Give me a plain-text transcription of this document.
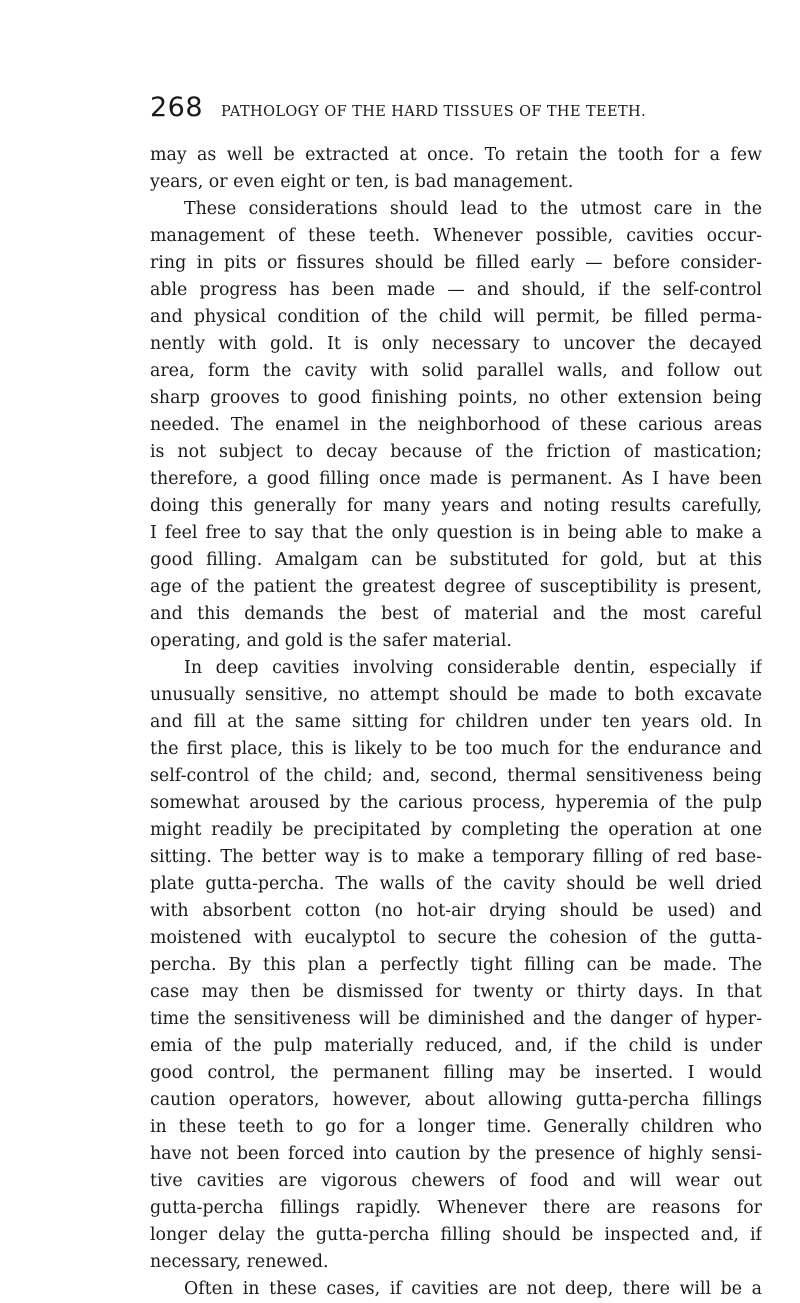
268 PATHOLOGY OF THE HARD TISSUES OF THE TEETH.
may as well be extracted at once. To retain the tooth for a few
years, or even eight or ten, is bad management.
These considerations should lead to the utmost care in the
management of these teeth. Whenever possible, cavities occur-
ring in pits or fissures should be filled early — before consider-
able progress has been made — and should, if the self-control
and physical condition of the child will permit, be filled perma-
nently with gold. It is only necessary to uncover the decayed
area, form the cavity with solid parallel walls, and follow out
sharp grooves to good finishing points, no other extension being
needed. The enamel in the neighborhood of these carious areas
is not subject to decay because of the friction of mastication;
therefore, a good filling once made is permanent. As I have been
doing this generally for many years and noting results carefully,
I feel free to say that the only question is in being able to make a
good filling. Amalgam can be substituted for gold, but at this
age of the patient the greatest degree of susceptibility is present,
and this demands the best of material and the most careful
operating, and gold is the safer material.
In deep cavities involving considerable dentin, especially if
unusually sensitive, no attempt should be made to both excavate
and fill at the same sitting for children under ten years old. In
the first place, this is likely to be too much for the endurance and
self-control of the child; and, second, thermal sensitiveness being
somewhat aroused by the carious process, hyperemia of the pulp
might readily be precipitated by completing the operation at one
sitting. The better way is to make a temporary filling of red base-
plate gutta-percha. The walls of the cavity should be well dried
with absorbent cotton (no hot-air drying should be used) and
moistened with eucalyptol to secure the cohesion of the gutta-
percha. By this plan a perfectly tight filling can be made. The
case may then be dismissed for twenty or thirty days. In that
time the sensitiveness will be diminished and the danger of hyper-
emia of the pulp materially reduced, and, if the child is under
good control, the permanent filling may be inserted. I would
caution operators, however, about allowing gutta-percha fillings
in these teeth to go for a longer time. Generally children who
have not been forced into caution by the presence of highly sensi-
tive cavities are vigorous chewers of food and will wear out
gutta-percha fillings rapidly. Whenever there are reasons for
longer delay the gutta-percha filling should be inspected and, if
necessary, renewed.
Often in these cases, if cavities are not deep, there will be a
